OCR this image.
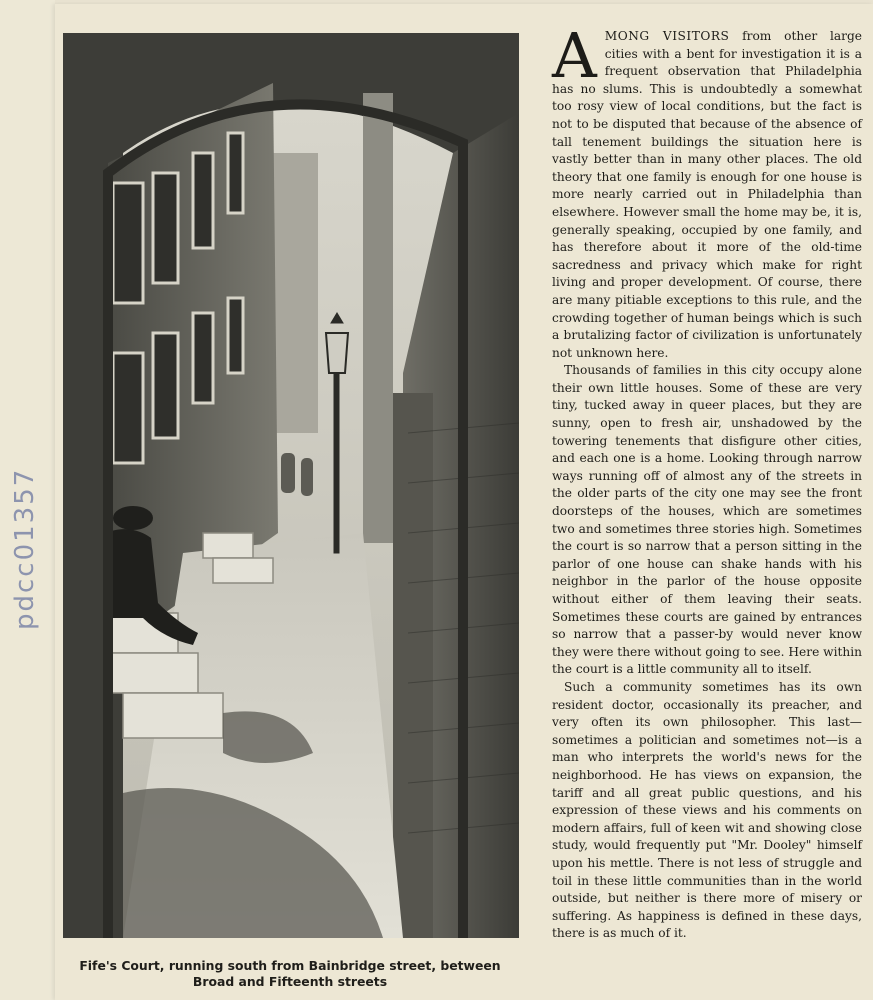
pdcc01357
Fife's Court, running south from Bainbridge street, between Broad and Fifteenth streets

AMONG VISITORS from other large cities with a bent for investigation it is a frequent observation that Philadelphia has no slums. This is undoubtedly a somewhat too rosy view of local conditions, but the fact is not to be disputed that because of the absence of tall tenement buildings the situation here is vastly better than in many other places. The old theory that one family is enough for one house is more nearly carried out in Philadelphia than elsewhere. However small the home may be, it is, generally speaking, occupied by one family, and has therefore about it more of the old-time sacredness and privacy which make for right living and proper development. Of course, there are many pitiable exceptions to this rule, and the crowding together of human beings which is such a brutalizing factor of civilization is unfortunately not unknown here.

Thousands of families in this city occupy alone their own little houses. Some of these are very tiny, tucked away in queer places, but they are sunny, open to fresh air, unshadowed by the towering tenements that disfigure other cities, and each one is a home. Looking through narrow ways running off of almost any of the streets in the older parts of the city one may see the front doorsteps of the houses, which are sometimes two and sometimes three stories high. Sometimes the court is so narrow that a person sitting in the parlor of one house can shake hands with his neighbor in the parlor of the house opposite without either of them leaving their seats. Sometimes these courts are gained by entrances so narrow that a passer-by would never know they were there without going to see. Here within the court is a little community all to itself.

Such a community sometimes has its own resident doctor, occasionally its preacher, and very often its own philosopher. This last—sometimes a politician and sometimes not—is a man who interprets the world's news for the neighborhood. He has views on expansion, the tariff and all great public questions, and his expression of these views and his comments on modern affairs, full of keen wit and showing close study, would frequently put "Mr. Dooley" himself upon his mettle. There is not less of struggle and toil in these little communities than in the world outside, but neither is there more of misery or suffering. As happiness is defined in these days, there is as much of it.
